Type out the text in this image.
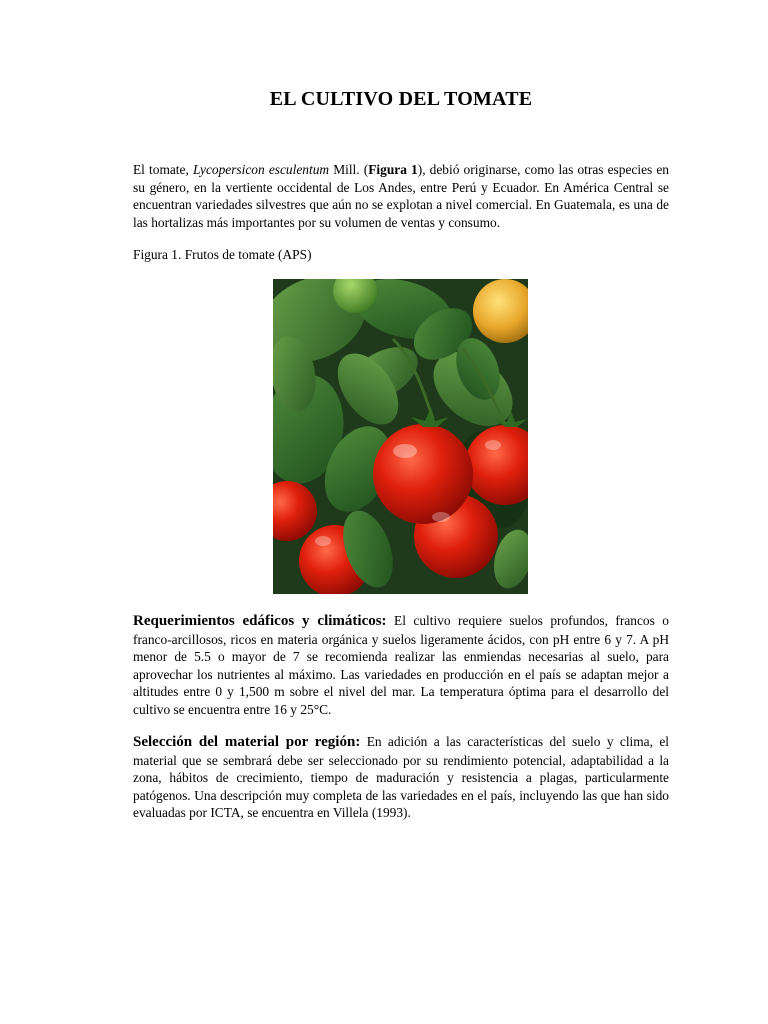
EL CULTIVO DEL TOMATE

El tomate, Lycopersicon esculentum Mill. (Figura 1), debió originarse, como las otras especies en su género, en la vertiente occidental de Los Andes, entre Perú y Ecuador. En América Central se encuentran variedades silvestres que aún no se explotan a nivel comercial. En Guatemala, es una de las hortalizas más importantes por su volumen de ventas y consumo.

Figura 1. Frutos de tomate (APS)

Requerimientos edáficos y climáticos: El cultivo requiere suelos profundos, francos o franco-arcillosos, ricos en materia orgánica y suelos ligeramente ácidos, con pH entre 6 y 7. A pH menor de 5.5 o mayor de 7 se recomienda realizar las enmiendas necesarias al suelo, para aprovechar los nutrientes al máximo. Las variedades en producción en el país se adaptan mejor a altitudes entre 0 y 1,500 m sobre el nivel del mar. La temperatura óptima para el desarrollo del cultivo se encuentra entre 16 y 25°C.

Selección del material por región: En adición a las características del suelo y clima, el material que se sembrará debe ser seleccionado por su rendimiento potencial, adaptabilidad a la zona, hábitos de crecimiento, tiempo de maduración y resistencia a plagas, particularmente patógenos. Una descripción muy completa de las variedades en el país, incluyendo las que han sido evaluadas por ICTA, se encuentra en Villela (1993).
